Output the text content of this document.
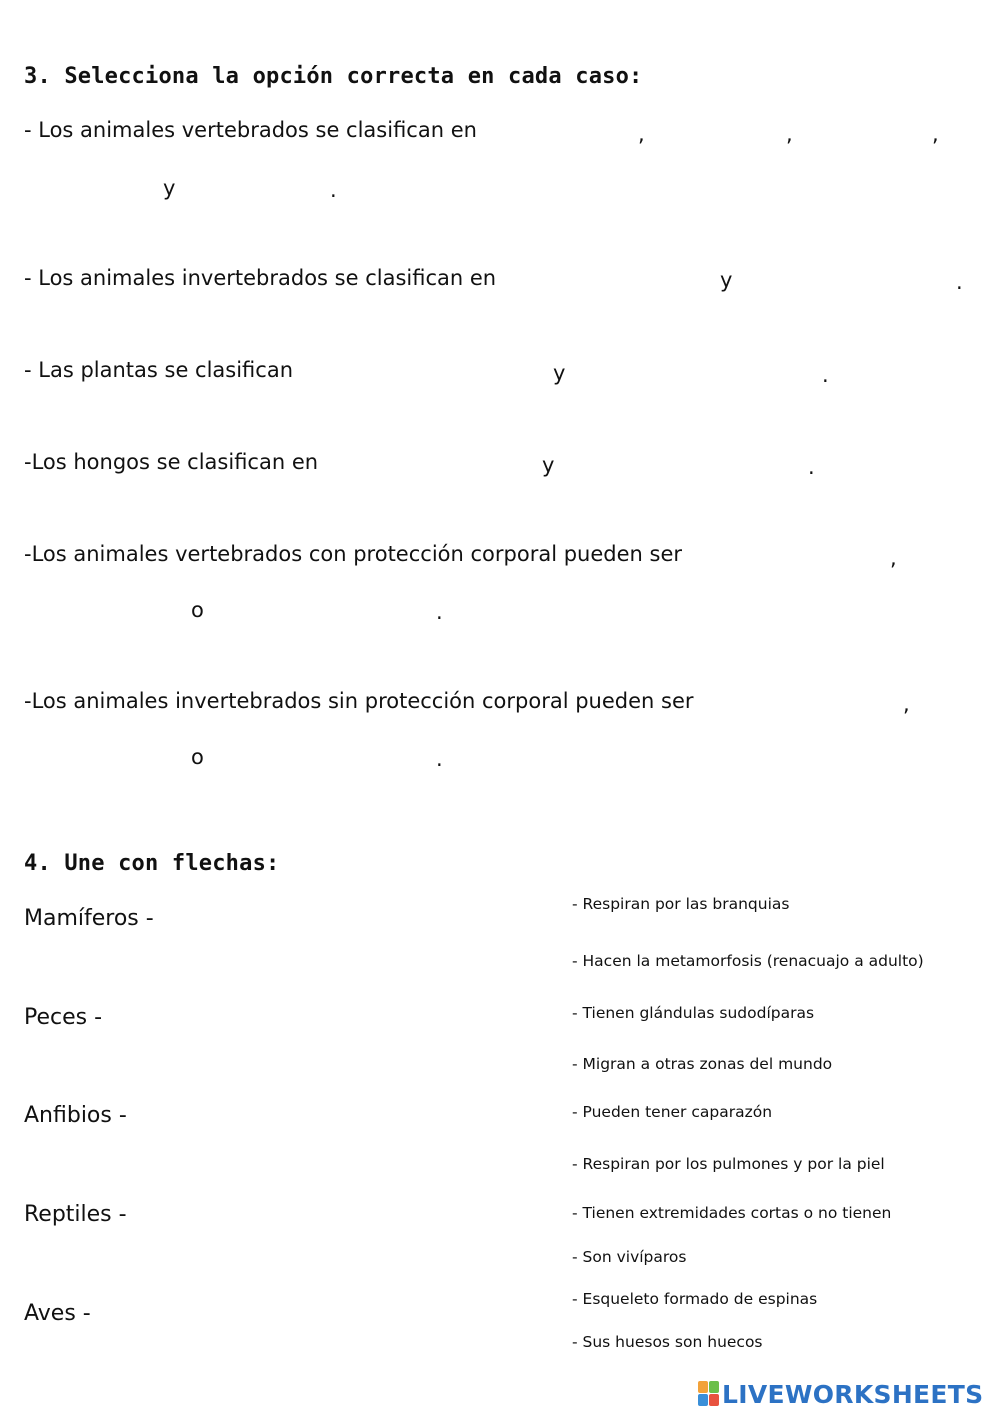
3. Selecciona la opción correcta en cada caso:
- Los animales vertebrados se clasifican en	,	,	,
y	.
- Los animales invertebrados se clasifican en	y	.
- Las plantas se clasifican	y	.
-Los hongos se clasifican en	y	.
-Los animales vertebrados con protección corporal pueden ser	,
o	.
-Los animales invertebrados sin protección corporal pueden ser	,
o	.
4. Une con flechas:
Mamíferos -
Peces -
Anfibios -
Reptiles -
Aves -
- Respiran por las branquias
- Hacen la metamorfosis (renacuajo a adulto)
- Tienen glándulas sudodíparas
- Migran a otras zonas del mundo
- Pueden tener caparazón
- Respiran por los pulmones y por la piel
- Tienen extremidades cortas o no tienen
- Son vivíparos
- Esqueleto formado de espinas
- Sus huesos son huecos
LIVEWORKSHEETS
